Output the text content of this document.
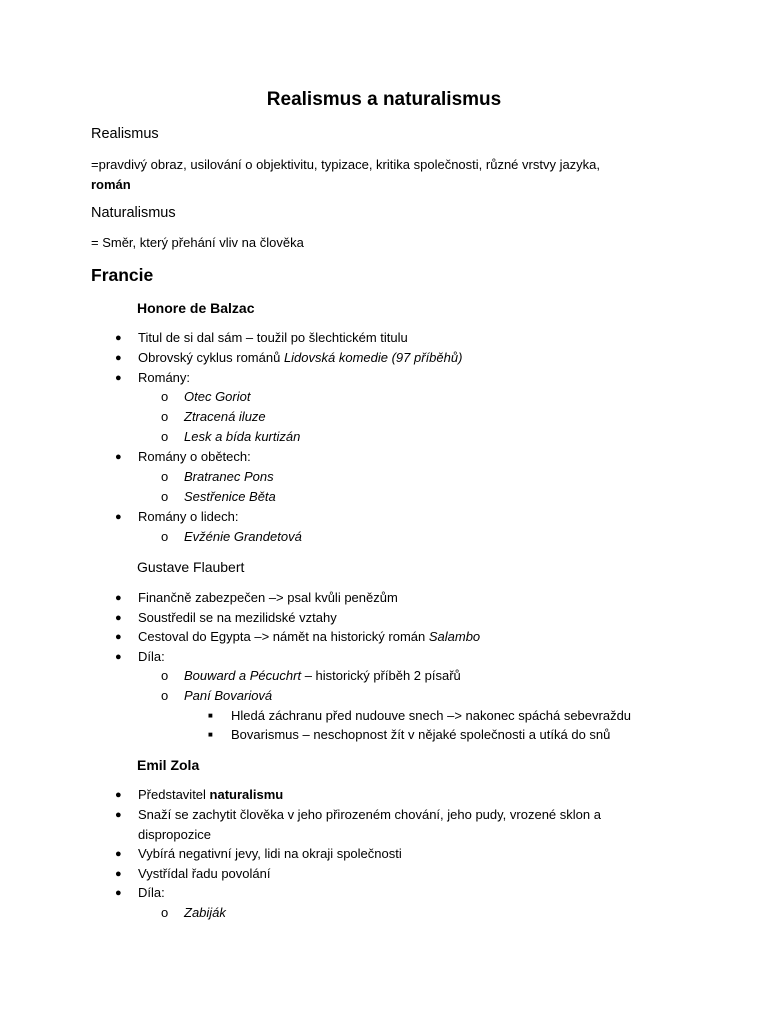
Realismus a naturalismus
Realismus
=pravdivý obraz, usilování o objektivitu, typizace, kritika společnosti, různé vrstvy jazyka,
román
Naturalismus
= Směr, který přehání vliv na člověka
Francie
Honore de Balzac
● Titul de si dal sám – toužil po šlechtickém titulu
● Obrovský cyklus románů Lidovská komedie (97 příběhů)
● Romány:
o Otec Goriot
o Ztracená iluze
o Lesk a bída kurtizán
● Romány o obětech:
o Bratranec Pons
o Sestřenice Běta
● Romány o lidech:
o Evžénie Grandetová
Gustave Flaubert
● Finančně zabezpečen –> psal kvůli penězům
● Soustředil se na mezilidské vztahy
● Cestoval do Egypta –> námět na historický román Salambo
● Díla:
o Bouward a Pécuchrt – historický příběh 2 písařů
o Paní Bovariová
■ Hledá záchranu před nudouve snech –> nakonec spáchá sebevraždu
■ Bovarismus – neschopnost žít v nějaké společnosti a utíká do snů
Emil Zola
● Představitel naturalismu
● Snaží se zachytit člověka v jeho přirozeném chování, jeho pudy, vrozené sklon a
dispropozice
● Vybírá negativní jevy, lidi na okraji společnosti
● Vystřídal řadu povolání
● Díla:
o Zabiják
